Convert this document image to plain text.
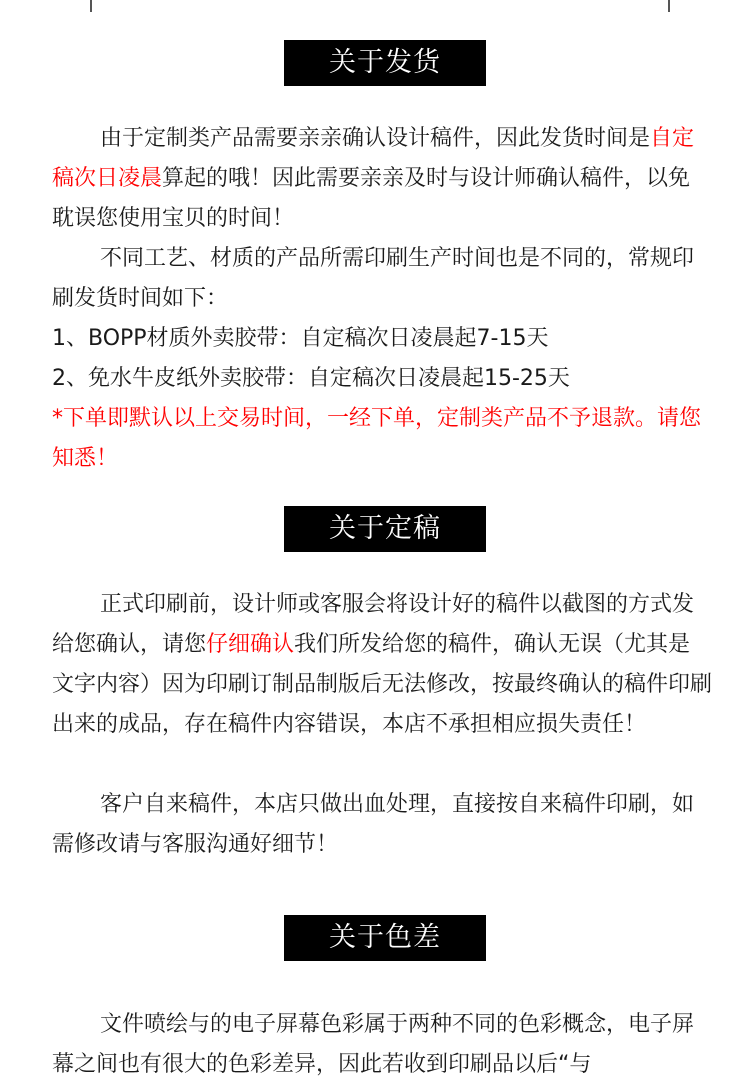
关于发货

由于定制类产品需要亲亲确认设计稿件，因此发货时间是自定稿次日凌晨算起的哦！因此需要亲亲及时与设计师确认稿件，以免耽误您使用宝贝的时间！

不同工艺、材质的产品所需印刷生产时间也是不同的，常规印刷发货时间如下：

1、BOPP材质外卖胶带：自定稿次日凌晨起7-15天

2、免水牛皮纸外卖胶带：自定稿次日凌晨起15-25天

*下单即默认以上交易时间，一经下单，定制类产品不予退款。请您知悉！

关于定稿

正式印刷前，设计师或客服会将设计好的稿件以截图的方式发给您确认，请您仔细确认我们所发给您的稿件，确认无误（尤其是文字内容）因为印刷订制品制版后无法修改，按最终确认的稿件印刷出来的成品，存在稿件内容错误，本店不承担相应损失责任！

客户自来稿件，本店只做出血处理，直接按自来稿件印刷，如需修改请与客服沟通好细节！

关于色差

文件喷绘与的电子屏幕色彩属于两种不同的色彩概念，电子屏幕之间也有很大的色彩差异，因此若收到印刷品以后“与
